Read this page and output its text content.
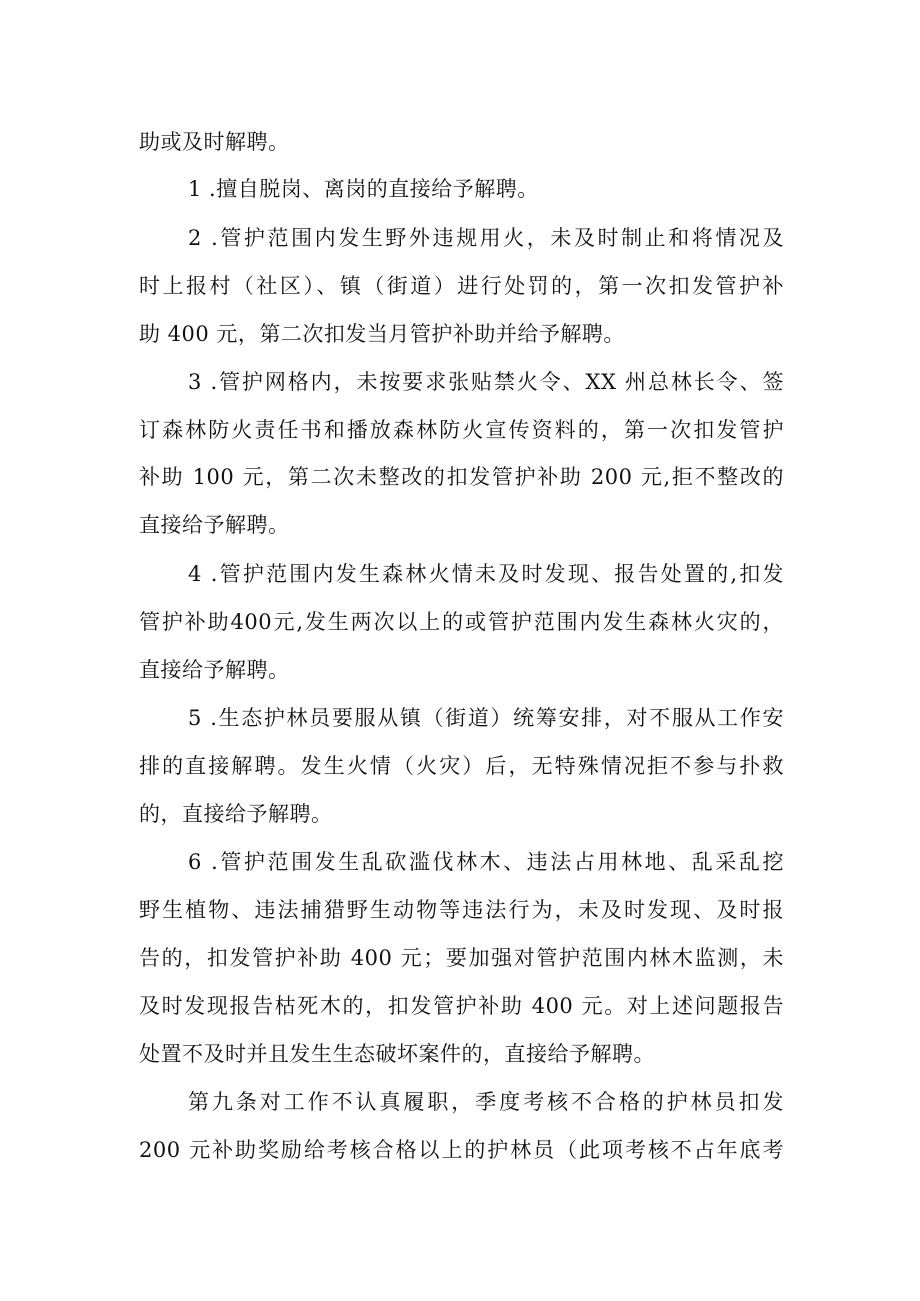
助或及时解聘。

1 .擅自脱岗、离岗的直接给予解聘。

2 .管护范围内发生野外违规用火，未及时制止和将情况及

时上报村（社区）、镇（街道）进行处罚的，第一次扣发管护补

助 400 元，第二次扣发当月管护补助并给予解聘。

3 .管护网格内，未按要求张贴禁火令、XX 州总林长令、签

订森林防火责任书和播放森林防火宣传资料的，第一次扣发管护

补助 100 元，第二次未整改的扣发管护补助 200 元,拒不整改的

直接给予解聘。

4 .管护范围内发生森林火情未及时发现、报告处置的,扣发

管护补助400元,发生两次以上的或管护范围内发生森林火灾的，

直接给予解聘。

5 .生态护林员要服从镇（街道）统筹安排，对不服从工作安

排的直接解聘。发生火情（火灾）后，无特殊情况拒不参与扑救

的，直接给予解聘。

6 .管护范围发生乱砍滥伐林木、违法占用林地、乱采乱挖

野生植物、违法捕猎野生动物等违法行为，未及时发现、及时报

告的，扣发管护补助 400 元；要加强对管护范围内林木监测，未

及时发现报告枯死木的，扣发管护补助 400 元。对上述问题报告

处置不及时并且发生生态破坏案件的，直接给予解聘。

第九条对工作不认真履职，季度考核不合格的护林员扣发

200 元补助奖励给考核合格以上的护林员（此项考核不占年底考
